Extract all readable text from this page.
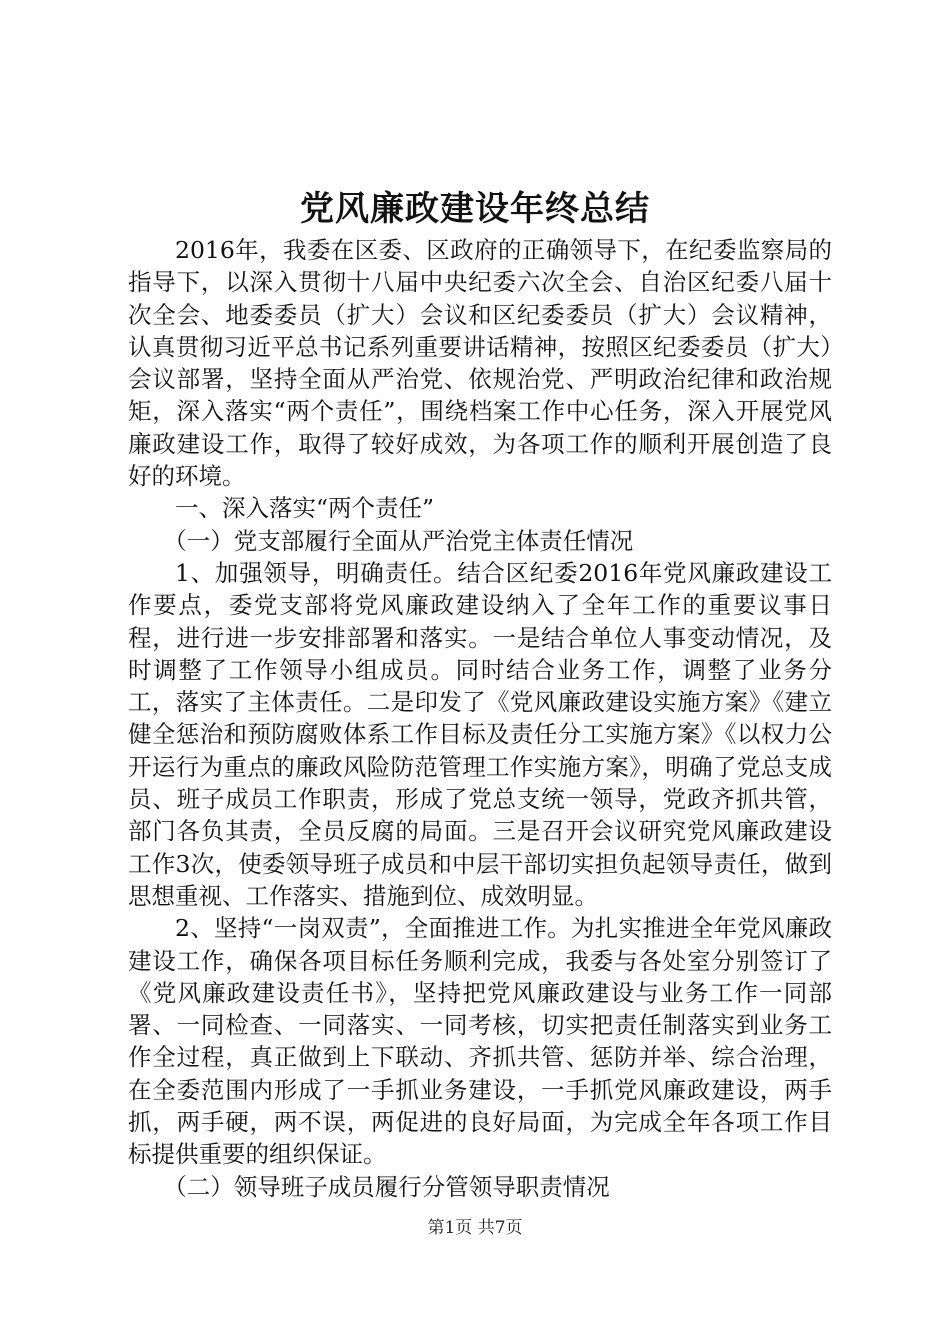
党风廉政建设年终总结

2016年，我委在区委、区政府的正确领导下，在纪委监察局的指导下，以深入贯彻十八届中央纪委六次全会、自治区纪委八届十次全会、地委委员（扩大）会议和区纪委委员（扩大）会议精神，认真贯彻习近平总书记系列重要讲话精神，按照区纪委委员（扩大）会议部署，坚持全面从严治党、依规治党、严明政治纪律和政治规矩，深入落实“两个责任”，围绕档案工作中心任务，深入开展党风廉政建设工作，取得了较好成效，为各项工作的顺利开展创造了良好的环境。

一、深入落实“两个责任”

（一）党支部履行全面从严治党主体责任情况

1、加强领导，明确责任。结合区纪委2016年党风廉政建设工作要点，委党支部将党风廉政建设纳入了全年工作的重要议事日程，进行进一步安排部署和落实。一是结合单位人事变动情况，及时调整了工作领导小组成员。同时结合业务工作，调整了业务分工，落实了主体责任。二是印发了《党风廉政建设实施方案》《建立健全惩治和预防腐败体系工作目标及责任分工实施方案》《以权力公开运行为重点的廉政风险防范管理工作实施方案》，明确了党总支成员、班子成员工作职责，形成了党总支统一领导，党政齐抓共管，部门各负其责，全员反腐的局面。三是召开会议研究党风廉政建设工作3次，使委领导班子成员和中层干部切实担负起领导责任，做到思想重视、工作落实、措施到位、成效明显。

2、坚持“一岗双责”，全面推进工作。为扎实推进全年党风廉政建设工作，确保各项目标任务顺利完成，我委与各处室分别签订了《党风廉政建设责任书》，坚持把党风廉政建设与业务工作一同部署、一同检查、一同落实、一同考核，切实把责任制落实到业务工作全过程，真正做到上下联动、齐抓共管、惩防并举、综合治理，在全委范围内形成了一手抓业务建设，一手抓党风廉政建设，两手抓，两手硬，两不误，两促进的良好局面，为完成全年各项工作目标提供重要的组织保证。

（二）领导班子成员履行分管领导职责情况

第1页 共7页
